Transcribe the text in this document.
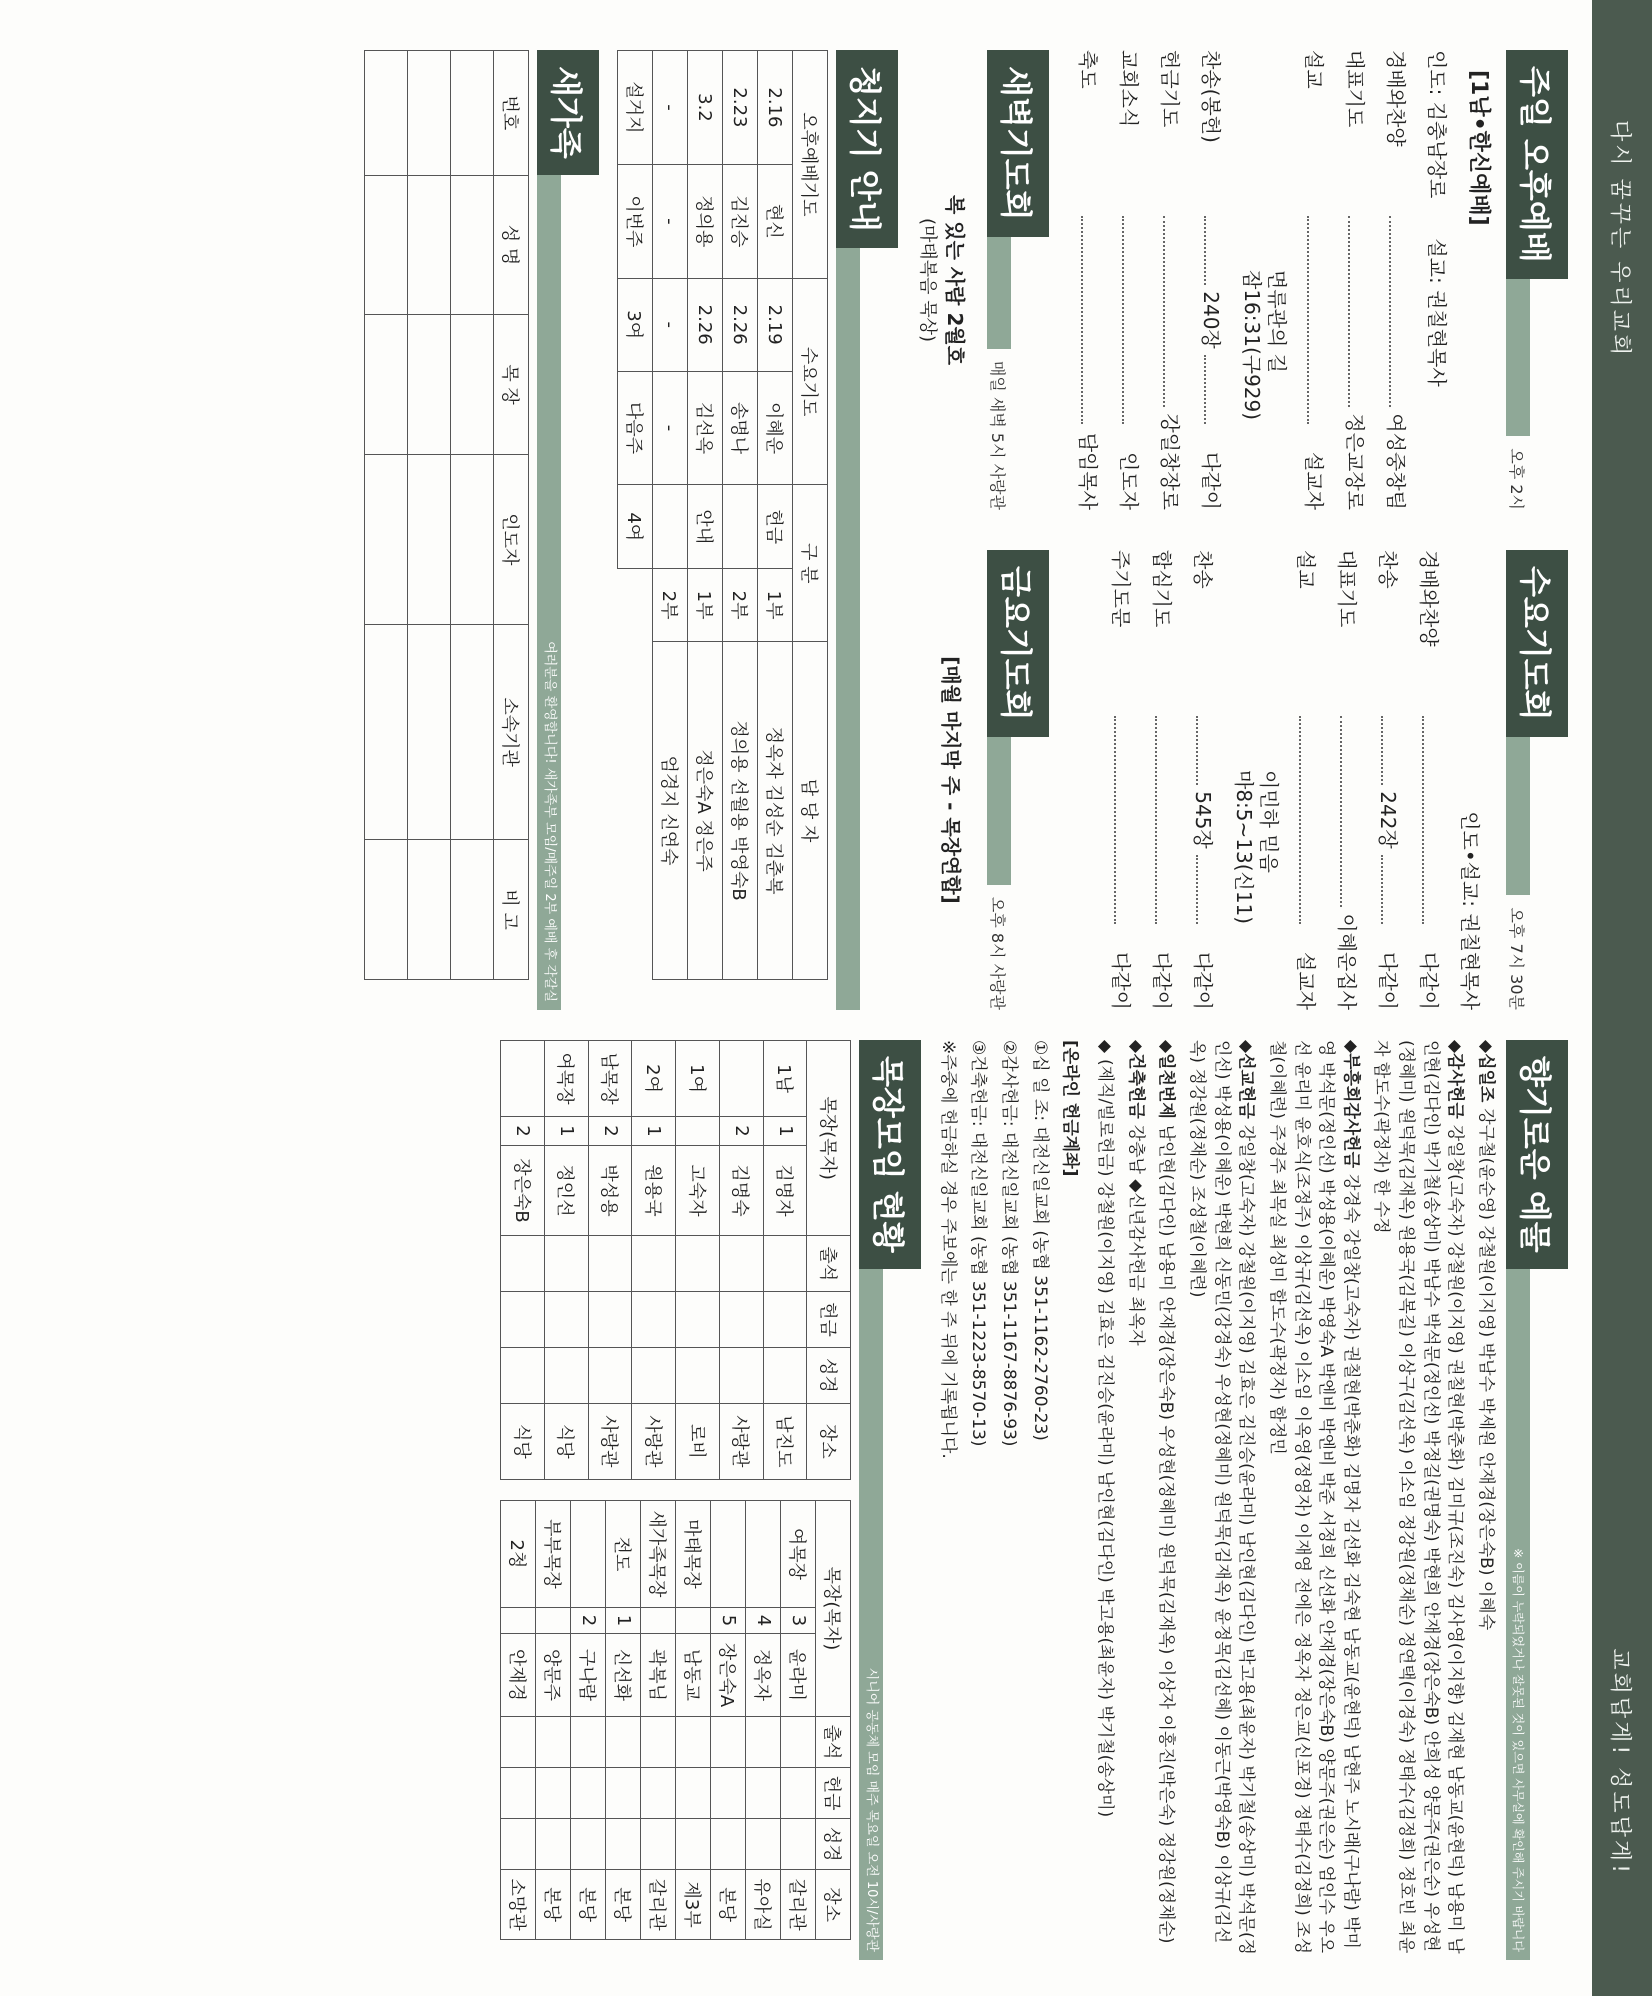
다시 꿈꾸는 우리교회
교회답게! 성도답게!
주일 오후예배
오후 2시
[1남•한신예배]
인도: 김충남장로
설교: 권칠현목사
경배와찬양
여성중창팀
대표기도
정은교장로
설교
설교자
면류관의 길
잠16:31(구929)
찬송(봉헌)
240장
다같이
헌금기도
강일창장로
교회소식
인도자
축도
담임목사
수요기도회
오후 7시 30분
인도•설교: 권칠현목사
경배와찬양
다같이
찬송
242장
다같이
대표기도
이혜운집사
설교
설교자
이민하 믿음
마8:5~13(신11)
찬송
545장
다같이
합심기도
다같이
주기도문
다같이
새벽기도회
매일 새벽 5시 사랑관
복 있는 사람 2월호
(마태복음 묵상)
금요기도회
오후 8시 사랑관
[매월 마지막 주 - 목장연합]
청지기 안내
오후예배기도		수요기도		구 분		담 당 자
2.16	현신	2.19	이혜운	헌금	1부	정옥자 김성순 김춘복
2.23	김진승	2.26	송명나		2부	정의용 선월용 박영숙B
3.2	정의용	2.26	김선옥	안내	1부	정은숙A 정은주
-	-	-	-		2부	엄경지 신연숙
설거지	이번주	3여	다음주	4여		
새가족
여러분을 환영합니다! 새가족부 모임/매주일 2부 예배 후 각갈실
번호	성 명	목 장	인도자	소속기관	비 고

향기로운 예물
※ 이름이 누락되었거나 잘못된 것이 있으면 사무실에 확인해 주시기 바랍니다

◆십일조 강구철(윤순영) 강철원(이지영) 박남수 박세원 안재경(장은숙B) 이혜숙

◆감사헌금 강일창(고숙자) 강철원(이지영) 권칠현(박춘화) 김미규(조진숙) 김사영(이지향) 김재현 남동교(윤현덕) 남용미 남인현(김다인) 박기철(송상미) 박남수 박석문(정인선) 박정길(권명숙) 박현희 안재경(장은숙B) 안희성 양문주(권은순) 우성현(정혜미) 원덕묵(김재옥) 원용국(김복길) 이상구(김선옥) 이소임 정강원(정채순) 정연택(이경숙) 정태수(김정희) 정호빈 최윤자 함도수(곽정자) 한 수정

◆부흥회감사헌금 강경숙 강일창(고숙자) 권칠현(박춘화) 김명자 김선화 김숙현 남동교(윤현덕) 남현주 노시래(구나람) 박미영 박석문(정인선) 박성용(이혜운) 박영숙A 박엔비 박엔비 박준 서정희 신선화 안재경(장은숙B) 양문주(권은순) 엄인수 우오선 윤리미 윤호식(조정주) 이상규(김선옥) 이소임 이옥영(정영자) 이재영 전에은 정옥자 정은교(신포경) 정태수(김정희) 조성철(이혜련) 주경주 최목실 최성미 함도수(곽정자) 함정민

◆선교헌금 강일창(고숙자) 강철원(이지영) 김효은 김진승(윤라미) 남인현(김다인) 박고용(최윤자) 박기철(송상미) 박석문(정인선) 박성용(이혜운) 박현희 신동민(강경숙) 우성현(정혜미) 원덕묵(김재옥) 윤정목(김선혜) 이동근(박영숙B) 이상규(김선옥) 정강원(정채순) 조성철(이혜련)

◆일천번제 남인현(김다인) 남용미 안재경(장은숙B) 우성현(정혜미) 원덕묵(김재옥) 이상자 이홍진(박은숙) 정강원(정채순)

◆건축헌금 강충남 ◆신년감사헌금 최옥자

◆ (제직/빌로헌금) 강철원(이지영) 김효은 김진승(윤라미) 남인현(김다인) 박고용(최윤자) 박기철(송상미)

[온라인 헌금계좌]

①십 일 조: 대전신일교회 (농협 351-1162-2760-23)

②감사헌금: 대전신일교회 (농협 351-1167-8876-93)

③건축헌금: 대전신일교회 (농협 351-1223-8570-13)

※주중에 헌금하실 경우 주보에는 한 주 뒤에 기록됩니다.

목장모임 현황
시니어 공동체 모임 매주 목요일 오전 10시/사랑관
목장(목자)			출석	헌금	성경	장소
1남	1	김명자				남진도
	2	김명숙				사랑관
1여		고숙자				로비
2여	1	원용국				사랑관
남목장	2	박성용				사랑관
여목장	1	정인선				식당
	2	장은숙B				식당
목장(목자)			출석	헌금	성경	장소
여목장	3	윤라미				갈리관
	4	정옥자				유아실
	5	장은숙A				본당
마태목장		남동교				제3부
새가족목장		곽복님				갈리관
전도	1	신선화				본당
	2	구나람				본당
부부목장		양문주				본당
2청		안재경				소망관
